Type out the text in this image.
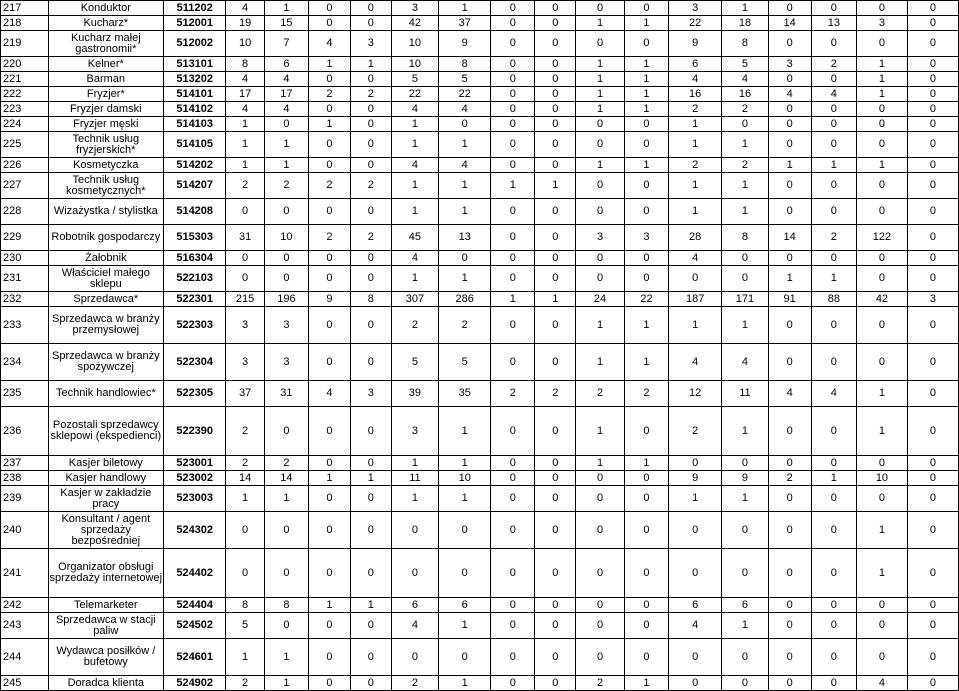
217	Konduktor	511202	4	1	0	0	3	1	0	0	0	0	3	1	0	0	0	0
218	Kucharz*	512001	19	15	0	0	42	37	0	0	1	1	22	18	14	13	3	0
219	Kucharz małej gastronomii*	512002	10	7	4	3	10	9	0	0	0	0	9	8	0	0	0	0
220	Kelner*	513101	8	6	1	1	10	8	0	0	1	1	6	5	3	2	1	0
221	Barman	513202	4	4	0	0	5	5	0	0	1	1	4	4	0	0	1	0
222	Fryzjer*	514101	17	17	2	2	22	22	0	0	1	1	16	16	4	4	1	0
223	Fryzjer damski	514102	4	4	0	0	4	4	0	0	1	1	2	2	0	0	0	0
224	Fryzjer męski	514103	1	0	1	0	1	0	0	0	0	0	1	0	0	0	0	0
225	Technik usług fryzjerskich*	514105	1	1	0	0	1	1	0	0	0	0	1	1	0	0	0	0
226	Kosmetyczka	514202	1	1	0	0	4	4	0	0	1	1	2	2	1	1	1	0
227	Technik usług kosmetycznych*	514207	2	2	2	2	1	1	1	1	0	0	1	1	0	0	0	0
228	Wizażystka / stylistka	514208	0	0	0	0	1	1	0	0	0	0	1	1	0	0	0	0
229	Robotnik gospodarczy	515303	31	10	2	2	45	13	0	0	3	3	28	8	14	2	122	0
230	Żałobnik	516304	0	0	0	0	4	0	0	0	0	0	4	0	0	0	0	0
231	Właściciel małego sklepu	522103	0	0	0	0	1	1	0	0	0	0	0	0	1	1	0	0
232	Sprzedawca*	522301	215	196	9	8	307	286	1	1	24	22	187	171	91	88	42	3
233	Sprzedawca w branży przemysłowej	522303	3	3	0	0	2	2	0	0	1	1	1	1	0	0	0	0
234	Sprzedawca w branży spożywczej	522304	3	3	0	0	5	5	0	0	1	1	4	4	0	0	0	0
235	Technik handlowiec*	522305	37	31	4	3	39	35	2	2	2	2	12	11	4	4	1	0
236	Pozostali sprzedawcy sklepowi (ekspedienci)	522390	2	0	0	0	3	1	0	0	1	0	2	1	0	0	1	0
237	Kasjer biletowy	523001	2	2	0	0	1	1	0	0	1	1	0	0	0	0	0	0
238	Kasjer handlowy	523002	14	14	1	1	11	10	0	0	0	0	9	9	2	1	10	0
239	Kasjer w zakładzie pracy	523003	1	1	0	0	1	1	0	0	0	0	1	1	0	0	0	0
240	Konsultant / agent sprzedaży bezpośredniej	524302	0	0	0	0	0	0	0	0	0	0	0	0	0	0	1	0
241	Organizator obsługi sprzedaży internetowej	524402	0	0	0	0	0	0	0	0	0	0	0	0	0	0	1	0
242	Telemarketer	524404	8	8	1	1	6	6	0	0	0	0	6	6	0	0	0	0
243	Sprzedawca w stacji paliw	524502	5	0	0	0	4	1	0	0	0	0	4	1	0	0	0	0
244	Wydawca posiłków / bufetowy	524601	1	1	0	0	0	0	0	0	0	0	0	0	0	0	0	0
245	Doradca klienta	524902	2	1	0	0	2	1	0	0	2	1	0	0	0	0	4	0
